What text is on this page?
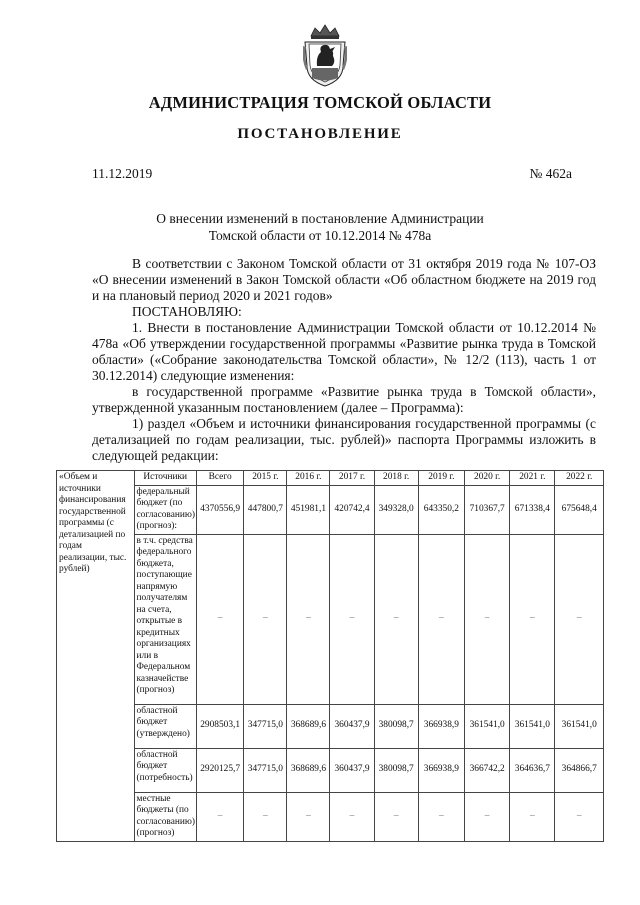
АДМИНИСТРАЦИЯ ТОМСКОЙ ОБЛАСТИ
ПОСТАНОВЛЕНИЕ
11.12.2019	№ 462а
О внесении изменений в постановление Администрации
Томской области от 10.12.2014 № 478а

В соответствии с Законом Томской области от 31 октября 2019 года № 107-ОЗ «О внесении изменений в Закон Томской области «Об областном бюджете на 2019 год и на плановый период 2020 и 2021 годов»

ПОСТАНОВЛЯЮ:

1. Внести в постановление Администрации Томской области от 10.12.2014 № 478а «Об утверждении государственной программы «Развитие рынка труда в Томской области» («Собрание законодательства Томской области», № 12/2 (113), часть 1 от 30.12.2014) следующие изменения:

в государственной программе «Развитие рынка труда в Томской области», утвержденной указанным постановлением (далее – Программа):

1) раздел «Объем и источники финансирования государственной программы (с детализацией по годам реализации, тыс. рублей)» паспорта Программы изложить в следующей редакции:

«Объем и источники финансирования государственной программы (с детализацией по годам реализации, тыс. рублей)	Источники	Всего	2015 г.	2016 г.	2017 г.	2018 г.	2019 г.	2020 г.	2021 г.	2022 г.
	федеральный бюджет (по согласованию) (прогноз):	4370556,9	447800,7	451981,1	420742,4	349328,0	643350,2	710367,7	671338,4	675648,4
	в т.ч. средства федерального бюджета, поступающие напрямую получателям на счета, открытые в кредитных организациях или в Федеральном казначействе (прогноз)	–	–	–	–	–	–	–	–	–
	областной бюджет (утверждено)	2908503,1	347715,0	368689,6	360437,9	380098,7	366938,9	361541,0	361541,0	361541,0
	областной бюджет (потребность)	2920125,7	347715,0	368689,6	360437,9	380098,7	366938,9	366742,2	364636,7	364866,7
	местные бюджеты (по согласованию) (прогноз)	–	–	–	–	–	–	–	–	–
